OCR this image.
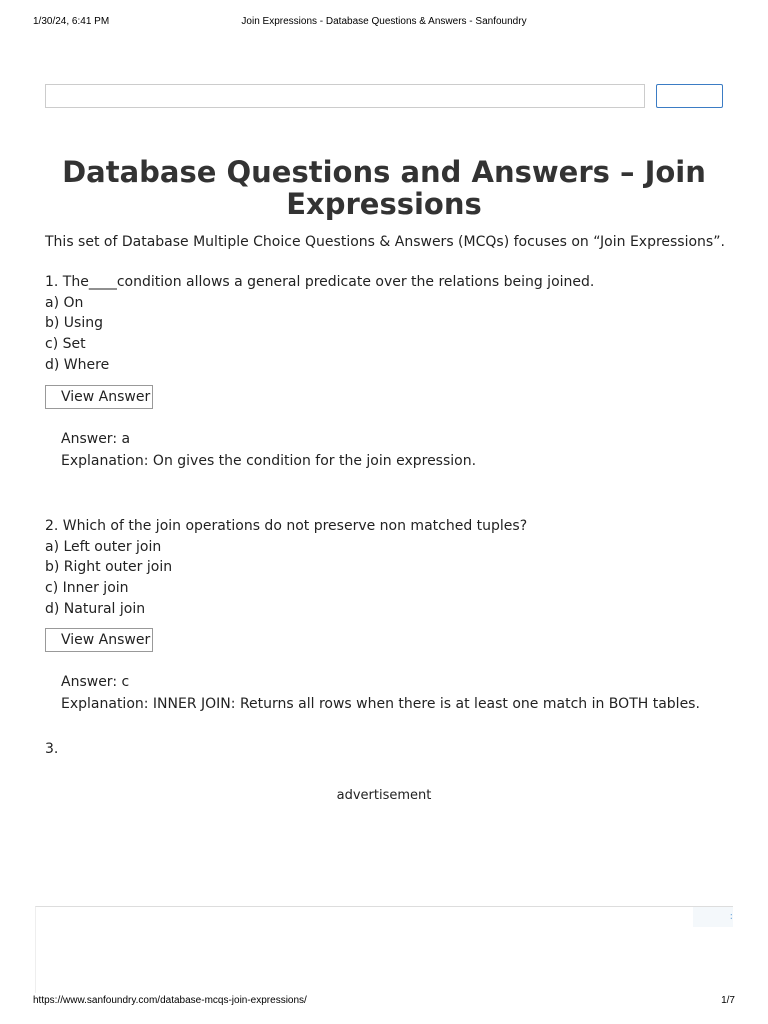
1/30/24, 6:41 PM	Join Expressions - Database Questions & Answers - Sanfoundry
Database Questions and Answers – Join Expressions
This set of Database Multiple Choice Questions & Answers (MCQs) focuses on “Join Expressions”.
1. The____condition allows a general predicate over the relations being joined.
a) On
b) Using
c) Set
d) Where
View Answer
Answer: a
Explanation: On gives the condition for the join expression.
2. Which of the join operations do not preserve non matched tuples?
a) Left outer join
b) Right outer join
c) Inner join
d) Natural join
View Answer
Answer: c
Explanation: INNER JOIN: Returns all rows when there is at least one match in BOTH tables.
3.
advertisement
:
https://www.sanfoundry.com/database-mcqs-join-expressions/	1/7
